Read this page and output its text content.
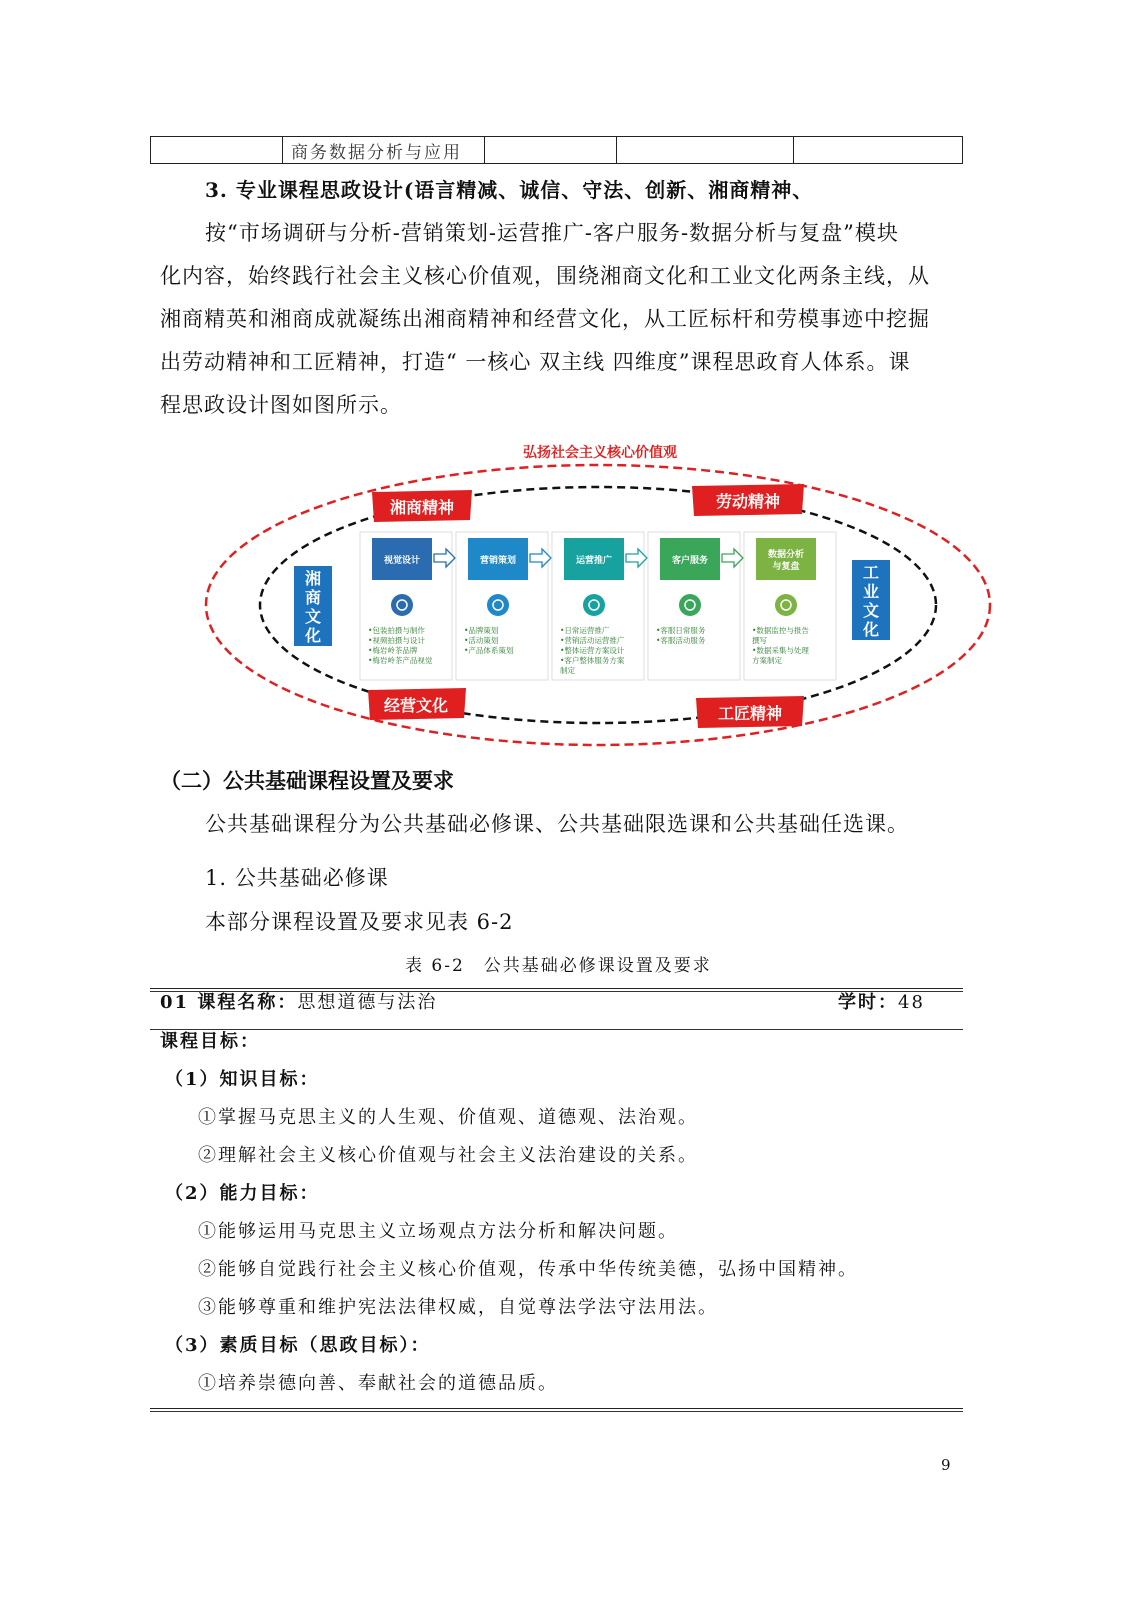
	商务数据分析与应用			
3. 专业课程思政设计(语言精减、诚信、守法、创新、湘商精神、
按“市场调研与分析-营销策划-运营推广-客户服务-数据分析与复盘”模块
化内容，始终践行社会主义核心价值观，围绕湘商文化和工业文化两条主线，从
湘商精英和湘商成就凝练出湘商精神和经营文化，从工匠标杆和劳模事迹中挖掘
出劳动精神和工匠精神，打造“ 一核心 双主线 四维度”课程思政育人体系。课
程思政设计图如图所示。
弘扬社会主义核心价值观
湘商精神	劳动精神
经营文化	工匠精神
湘商文化
工业文化
视觉设计
•包装拍摄与制作
•视频拍摄与设计
•梅岩岭茶品牌
•梅岩岭茶产品视觉
营销策划
•品牌策划
•活动策划
•产品体系策划
运营推广
•日常运营推广
•营销活动运营推广
•整体运营方案设计
•客户整体服务方案
制定
客户服务
•客服日常服务
•客服活动服务
数据分析
与复盘
•数据监控与报告
撰写
•数据采集与处理
方案制定
（二）公共基础课程设置及要求
公共基础课程分为公共基础必修课、公共基础限选课和公共基础任选课。
1. 公共基础必修课
本部分课程设置及要求见表 6-2
表 6-2　公共基础必修课设置及要求
01 课程名称：思想道德与法治	学时：48
课程目标：
（1）知识目标：
①掌握马克思主义的人生观、价值观、道德观、法治观。
②理解社会主义核心价值观与社会主义法治建设的关系。
（2）能力目标：
①能够运用马克思主义立场观点方法分析和解决问题。
②能够自觉践行社会主义核心价值观，传承中华传统美德，弘扬中国精神。
③能够尊重和维护宪法法律权威，自觉尊法学法守法用法。
（3）素质目标（思政目标）：
①培养崇德向善、奉献社会的道德品质。
9
